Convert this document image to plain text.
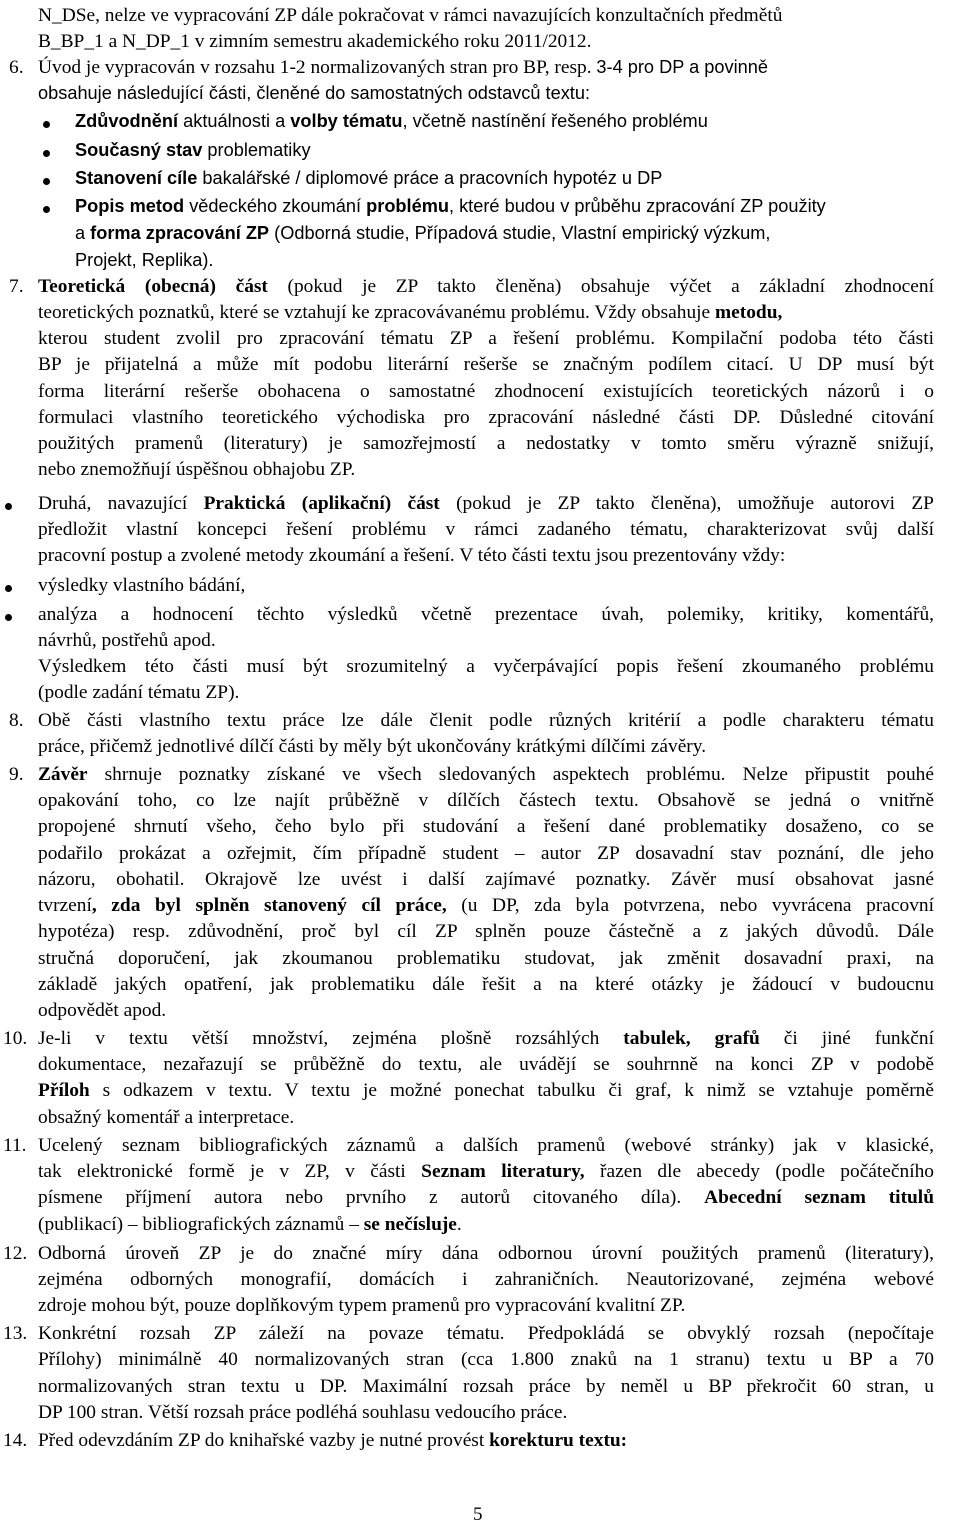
N_DSe, nelze ve vypracování ZP dále pokračovat v rámci navazujících konzultačních předmětů
B_BP_1 a N_DP_1 v zimním semestru akademického roku 2011/2012.
Úvod je vypracován v rozsahu 1-2 normalizovaných stran pro BP, resp. 3-4 pro DP a povinně
obsahuje následující části, členěné do samostatných odstavců textu:
Zdůvodnění aktuálnosti a volby tématu, včetně nastínění řešeného problému
Současný stav problematiky
Stanovení cíle bakalářské / diplomové práce a pracovních hypotéz u DP
Popis metod vědeckého zkoumání problému, které budou v průběhu zpracování ZP použity
a forma zpracování ZP (Odborná studie, Případová studie, Vlastní empirický výzkum,
Projekt, Replika).
Teoretická (obecná) část (pokud je ZP takto členěna) obsahuje výčet a základní zhodnocení
teoretických poznatků, které se vztahují ke zpracovávanému problému. Vždy obsahuje metodu,
kterou student zvolil pro zpracování tématu ZP a řešení problému. Kompilační podoba této části
BP je přijatelná a může mít podobu literární rešerše se značným podílem citací. U DP musí být
forma literární rešerše obohacena o samostatné zhodnocení existujících teoretických názorů i o
formulaci vlastního teoretického východiska pro zpracování následné části DP. Důsledné citování
použitých pramenů (literatury) je samozřejmostí a nedostatky v tomto směru výrazně snižují,
nebo znemožňují úspěšnou obhajobu ZP.
Druhá, navazující Praktická (aplikační) část (pokud je ZP takto členěna), umožňuje autorovi ZP
předložit vlastní koncepci řešení problému v rámci zadaného tématu, charakterizovat svůj další
pracovní postup a zvolené metody zkoumání a řešení. V této části textu jsou prezentovány vždy:
výsledky vlastního bádání,
analýza a hodnocení těchto výsledků včetně prezentace úvah, polemiky, kritiky, komentářů,
návrhů, postřehů apod.
Výsledkem této části musí být srozumitelný a vyčerpávající popis řešení zkoumaného problému
(podle zadání tématu ZP).
Obě části vlastního textu práce lze dále členit podle různých kritérií a podle charakteru tématu
práce, přičemž jednotlivé dílčí části by měly být ukončovány krátkými dílčími závěry.
Závěr shrnuje poznatky získané ve všech sledovaných aspektech problému. Nelze připustit pouhé
opakování toho, co lze najít průběžně v dílčích částech textu. Obsahově se jedná o vnitřně
propojené shrnutí všeho, čeho bylo při studování a řešení dané problematiky dosaženo, co se
podařilo prokázat a ozřejmit, čím případně student – autor ZP dosavadní stav poznání, dle jeho
názoru, obohatil. Okrajově lze uvést i další zajímavé poznatky. Závěr musí obsahovat jasné
tvrzení, zda byl splněn stanovený cíl práce, (u DP, zda byla potvrzena, nebo vyvrácena pracovní
hypotéza) resp. zdůvodnění, proč byl cíl ZP splněn pouze částečně a z jakých důvodů. Dále
stručná doporučení, jak zkoumanou problematiku studovat, jak změnit dosavadní praxi, na
základě jakých opatření, jak problematiku dále řešit a na které otázky je žádoucí v budoucnu
odpovědět apod.
Je-li v textu větší množství, zejména plošně rozsáhlých tabulek, grafů či jiné funkční
dokumentace, nezařazují se průběžně do textu, ale uvádějí se souhrnně na konci ZP v podobě
Příloh s odkazem v textu. V textu je možné ponechat tabulku či graf, k nimž se vztahuje poměrně
obsažný komentář a interpretace.
Ucelený seznam bibliografických záznamů a dalších pramenů (webové stránky) jak v klasické,
tak elektronické formě je v ZP, v části Seznam literatury, řazen dle abecedy (podle počátečního
písmene příjmení autora nebo prvního z autorů citovaného díla). Abecední seznam titulů
(publikací) – bibliografických záznamů – se nečísluje.
Odborná úroveň ZP je do značné míry dána odbornou úrovní použitých pramenů (literatury),
zejména odborných monografií, domácích i zahraničních. Neautorizované, zejména webové
zdroje mohou být, pouze doplňkovým typem pramenů pro vypracování kvalitní ZP.
Konkrétní rozsah ZP záleží na povaze tématu. Předpokládá se obvyklý rozsah (nepočítaje
Přílohy) minimálně 40 normalizovaných stran (cca 1.800 znaků na 1 stranu) textu u BP a 70
normalizovaných stran textu u DP. Maximální rozsah práce by neměl u BP překročit 60 stran, u
DP 100 stran. Větší rozsah práce podléhá souhlasu vedoucího práce.
Před odevzdáním ZP do knihařské vazby je nutné provést korekturu textu:
6.
7.
8.
9.
10.
11.
12.
13.
14.
5
